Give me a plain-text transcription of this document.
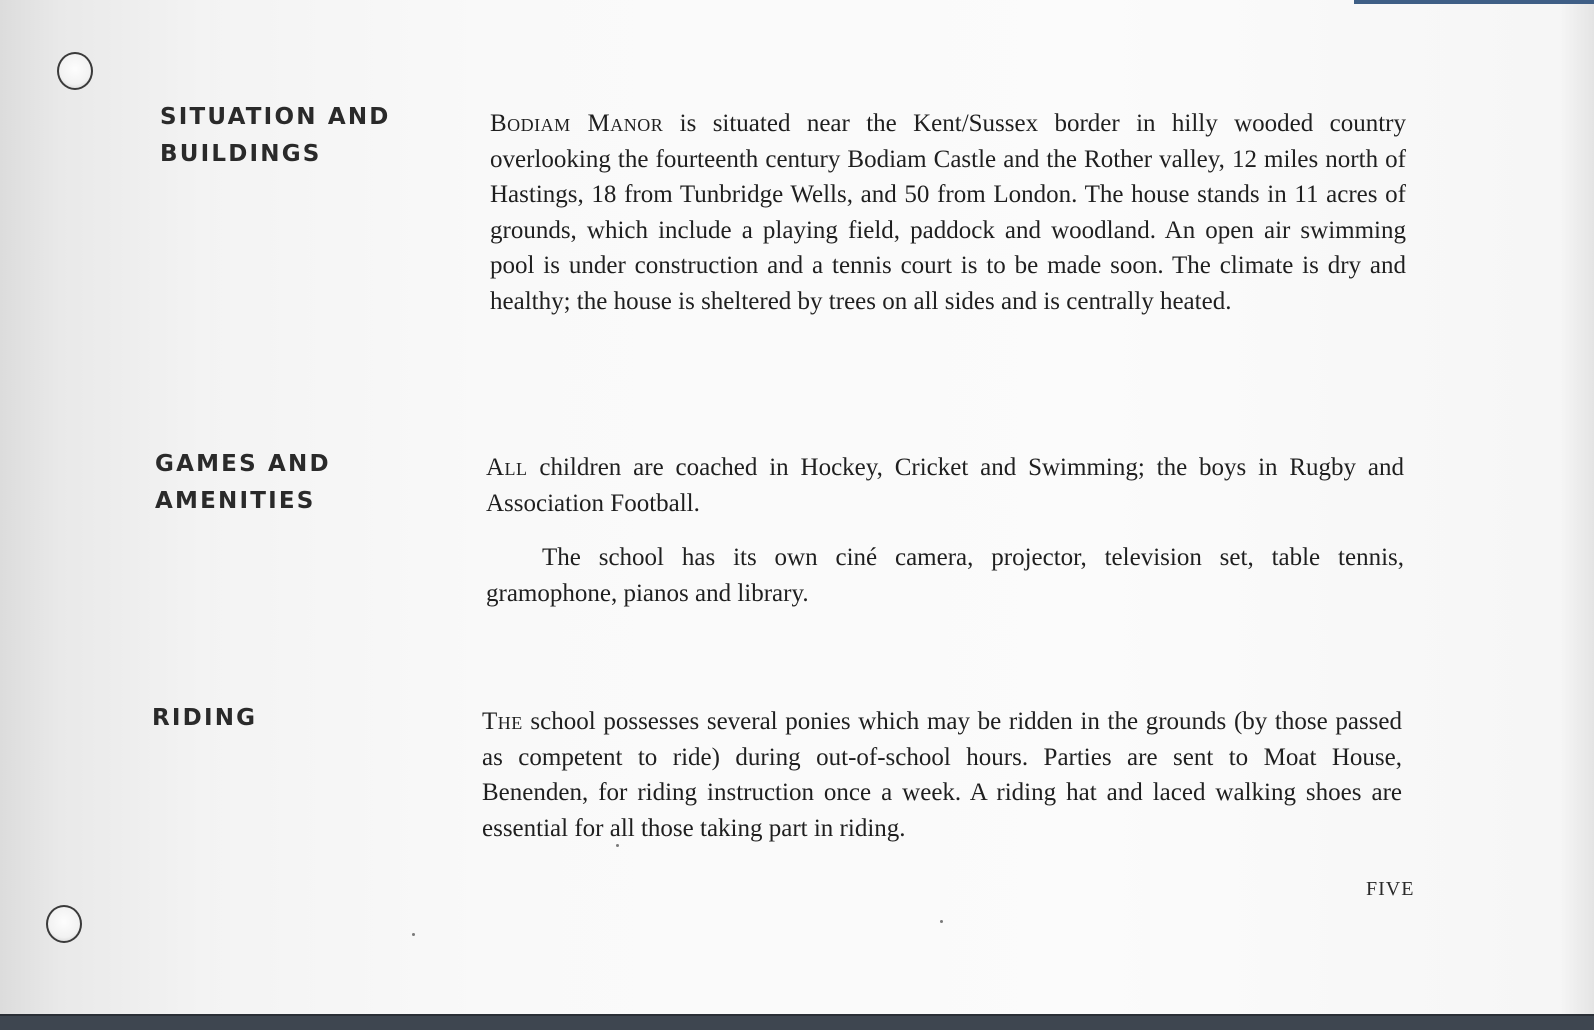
SITUATION AND
BUILDINGS

Bodiam Manor is situated near the Kent/Sussex border in hilly wooded country overlooking the fourteenth century Bodiam Castle and the Rother valley, 12 miles north of Hastings, 18 from Tunbridge Wells, and 50 from London. The house stands in 11 acres of grounds, which include a playing field, paddock and woodland. An open air swimming pool is under construction and a tennis court is to be made soon. The climate is dry and healthy; the house is sheltered by trees on all sides and is centrally heated.

GAMES AND
AMENITIES

All children are coached in Hockey, Cricket and Swimming; the boys in Rugby and Association Football.

The school has its own ciné camera, projector, television set, table tennis, gramophone, pianos and library.

RIDING	The school possesses several ponies which may be ridden in the grounds (by those passed as competent to ride) during out-of-school hours. Parties are sent to Moat House, Benenden, for riding instruction once a week. A riding hat and laced walking shoes are essential for all those taking part in riding.

FIVE
